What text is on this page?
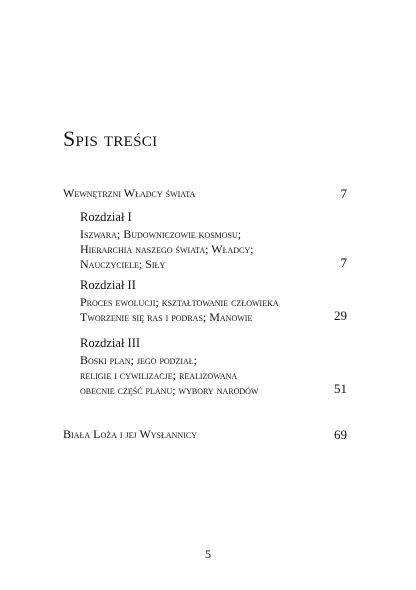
Spis treści
Wewnętrzni Władcy świata	7
Rozdział I
Iszwara; Budowniczowie kosmosu;
Hierarchia naszego świata; Władcy;
Nauczyciele; Siły	7
Rozdział II
Proces ewolucji; kształtowanie człowieka
Tworzenie się ras i podras; Manowie	29
Rozdział III
Boski plan; jego podział;
religie i cywilizacje; realizowana
obecnie część planu; wybory narodów	51
Biała Loża i jej Wysłannicy	69
5
